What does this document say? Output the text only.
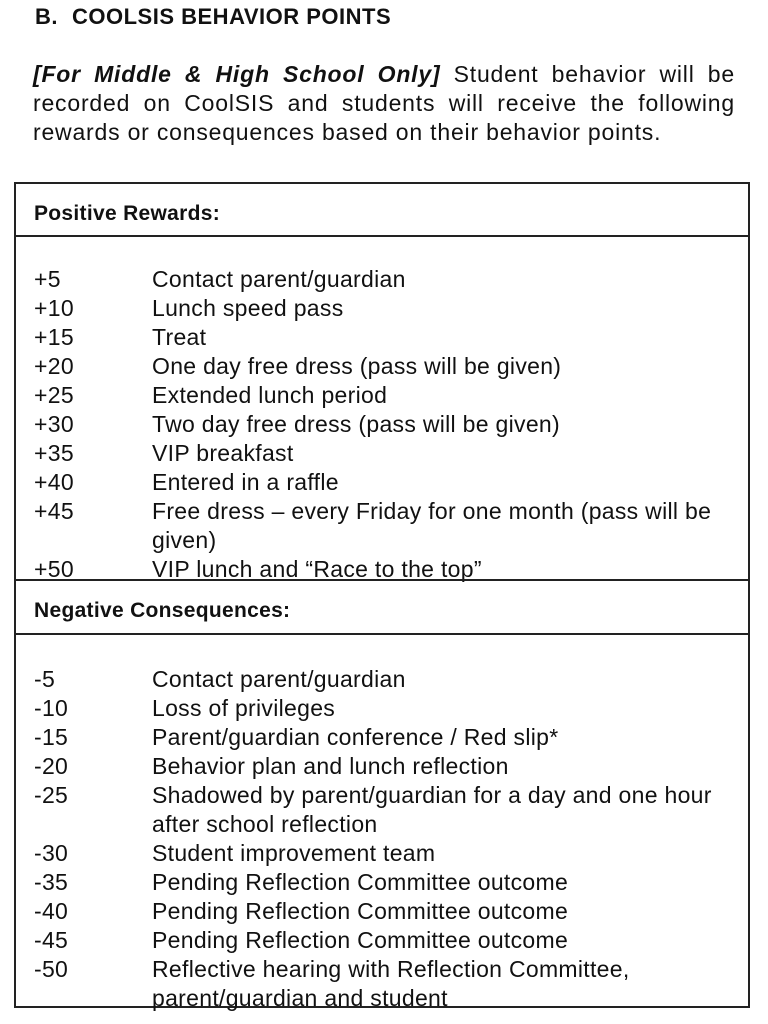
B. COOLSIS BEHAVIOR POINTS

[For Middle & High School Only] Student behavior will be recorded on CoolSIS and students will receive the following rewards or consequences based on their behavior points.

Positive Rewards:
+5	Contact parent/guardian
+10	Lunch speed pass
+15	Treat
+20	One day free dress (pass will be given)
+25	Extended lunch period
+30	Two day free dress (pass will be given)
+35	VIP breakfast
+40	Entered in a raffle
+45	Free dress – every Friday for one month (pass will be given)
+50	VIP lunch and “Race to the top”
Negative Consequences:
-5	Contact parent/guardian
-10	Loss of privileges
-15	Parent/guardian conference / Red slip*
-20	Behavior plan and lunch reflection
-25	Shadowed by parent/guardian for a day and one hour after school reflection
-30	Student improvement team
-35	Pending Reflection Committee outcome
-40	Pending Reflection Committee outcome
-45	Pending Reflection Committee outcome
-50	Reflective hearing with Reflection Committee, parent/guardian and student
